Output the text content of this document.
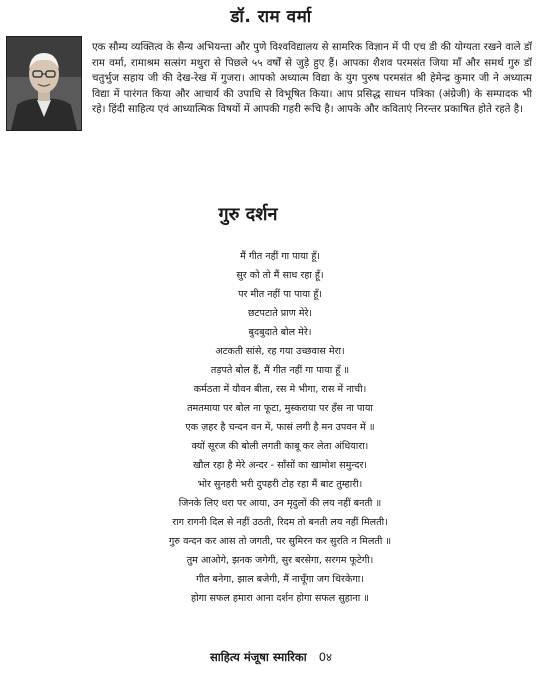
डॉ. राम वर्मा

एक सौम्य व्यक्तित्व के सैन्य अभियन्ता और पुणे विश्वविद्यालय से सामरिक विज्ञान में पी एच डी की योग्यता रखने वाले डॉ राम वर्मा, रामाश्रम सत्संग मथुरा से पिछले ५५ वर्षों से जुड़े हुए हैं। आपका शैशव परमसंत जिया माँ और समर्थ गुरु डॉ चतुर्भुज सहाय जी की देख-रेख में गुजरा। आपको अध्यात्म विद्या के युग पुरुष परमसंत श्री हेमेन्द्र कुमार जी ने अध्यात्म विद्या में पारंगत किया और आचार्य की उपाधि से विभूषित किया। आप प्रसिद्ध साधन पत्रिका (अंग्रेजी) के सम्पादक भी रहे। हिंदी साहित्य एवं आध्यात्मिक विषयों में आपकी गहरी रूचि है। आपके और कविताएं निरन्तर प्रकाषित होते रहते है।

गुरु दर्शन
मैं गीत नहीं गा पाया हूँ।
सुर को तो मैं साध रहा हूँ।
पर मीत नहीं पा पाया हूँ।
छटपटाते प्राण मेरे।
बुदबुदाते बोल मेरे।
अटकती सांसे, रह गया उच्छवास मेरा।
तड़पते बोल हैं, मैं गीत नहीं गा पाया हूँ ॥
कर्मठता में यौवन बीता, रस मे भीगा, रास में नाची।
तमतमाया पर बोल ना फूटा, मुस्कराया पर हँस ना पाया
एक ज़हर है चन्दन वन में, फासं लगी है मन उपवन में ॥
क्यों सूरज की बोली लगती काबू कर लेता अंधियारा।
खौल रहा है मेरे अन्दर - साँसों का खामोश समुन्दर।
भोर सुनहरी भरी दुपहरी टोह रहा मैं बाट तुम्हारी।
जिनके लिए धरा पर आया, उन मृदुलों की लय नहीं बनती ॥
राग रागनी दिल से नहीं उठती, रिदम तो बनती लय नहीं मिलती।
गुरु वन्दन कर आस तो जगती, पर सुमिरन कर सुरति न मिलती ॥
तुम आओगे, झनक जगेगी, सुर बरसेगा, सरगम फूटेगी।
गीत बनेगा, झाल बजेगी, मैं नाचूँगा जग थिरकेगा।
होगा सफल हमारा आना दर्शन होगा सफल सुहाना ॥
साहित्य मंजूषा स्मारिका 0४
